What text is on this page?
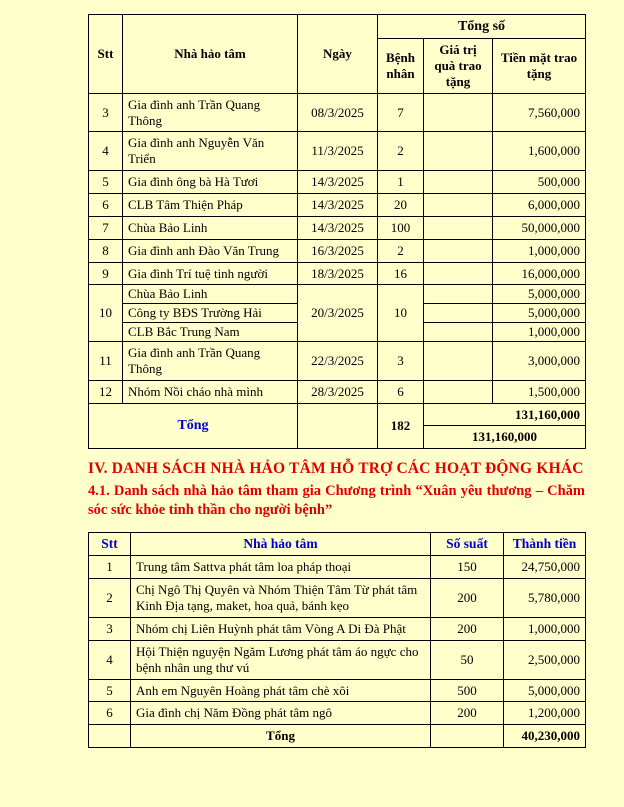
Stt	Nhà hảo tâm	Ngày	Tổng số		
			Bệnh nhân	Giá trị quà trao tặng	Tiền mặt trao tặng
3	Gia đình anh Trần Quang Thông	08/3/2025	7		7,560,000
4	Gia đình anh Nguyễn Văn Triển	11/3/2025	2		1,600,000
5	Gia đình ông bà Hà Tươi	14/3/2025	1		500,000
6	CLB Tâm Thiện Pháp	14/3/2025	20		6,000,000
7	Chùa Bảo Linh	14/3/2025	100		50,000,000
8	Gia đình anh Đào Văn Trung	16/3/2025	2		1,000,000
9	Gia đình Trí tuệ tinh người	18/3/2025	16		16,000,000
10	Chùa Bảo Linh	20/3/2025	10		5,000,000
	Công ty BĐS Trường Hải				5,000,000
	CLB Bắc Trung Nam				1,000,000
11	Gia đình anh Trần Quang Thông	22/3/2025	3		3,000,000
12	Nhóm Nồi cháo nhà mình	28/3/2025	6		1,500,000
Tổng			182	131,160,000	
				131,160,000	
IV. DANH SÁCH NHÀ HẢO TÂM HỖ TRỢ CÁC HOẠT ĐỘNG KHÁC
4.1. Danh sách nhà hảo tâm tham gia Chương trình “Xuân yêu thương – Chăm sóc sức khỏe tinh thần cho người bệnh”
Stt	Nhà hảo tâm	Số suất	Thành tiền
1	Trung tâm Sattva phát tâm loa pháp thoại	150	24,750,000
2	Chị Ngô Thị Quyên và Nhóm Thiện Tâm Từ phát tâm Kinh Địa tạng, maket, hoa quả, bánh kẹo	200	5,780,000
3	Nhóm chị Liên Huỳnh phát tâm Vòng A Di Đà Phật	200	1,000,000
4	Hội Thiện nguyện Ngăm Lương phát tâm áo ngực cho bệnh nhân ung thư vú	50	2,500,000
5	Anh em Nguyên Hoàng phát tâm chè xôi	500	5,000,000
6	Gia đình chị Năm Đồng phát tâm ngô	200	1,200,000
	Tổng		40,230,000
